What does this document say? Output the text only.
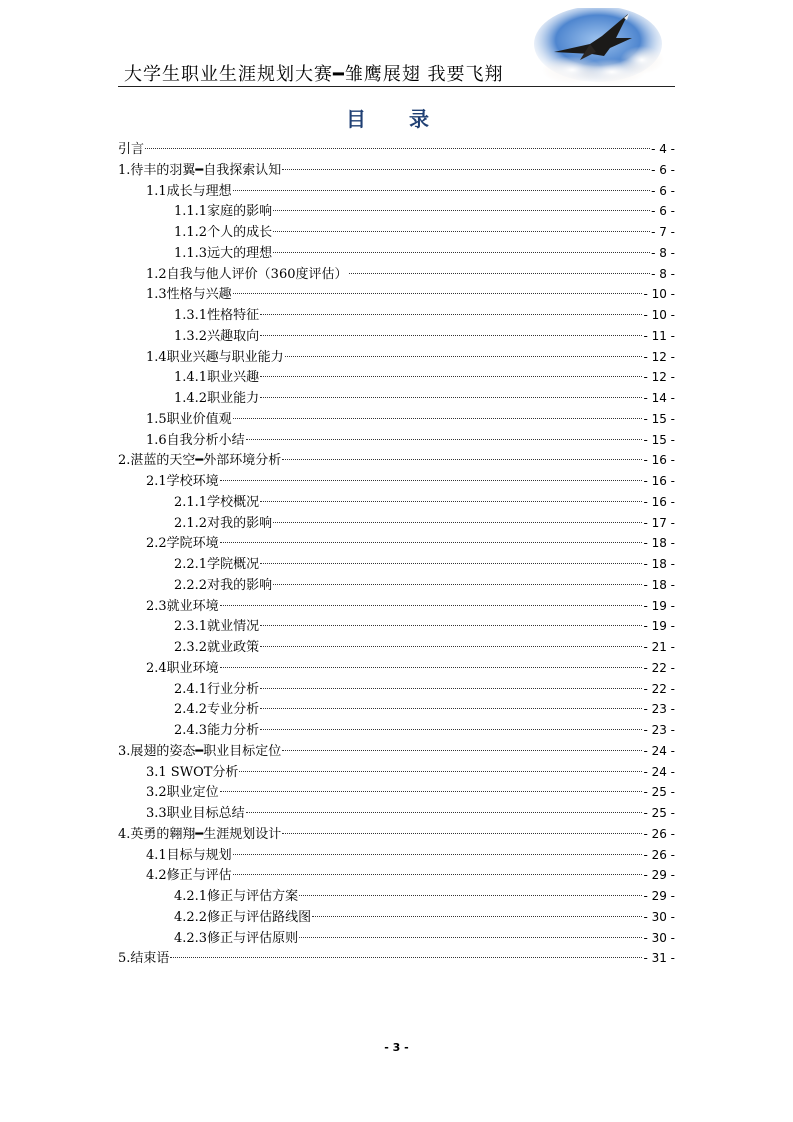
大学生职业生涯规划大赛━雏鹰展翅 我要飞翔
目 录
引言	- 4 -
1.待丰的羽翼━自我探索认知	- 6 -
1.1成长与理想	- 6 -
1.1.1家庭的影响	- 6 -
1.1.2个人的成长	- 7 -
1.1.3远大的理想	- 8 -
1.2自我与他人评价（360度评估）	- 8 -
1.3性格与兴趣	- 10 -
1.3.1性格特征	- 10 -
1.3.2兴趣取向	- 11 -
1.4职业兴趣与职业能力	- 12 -
1.4.1职业兴趣	- 12 -
1.4.2职业能力	- 14 -
1.5职业价值观	- 15 -
1.6自我分析小结	- 15 -
2.湛蓝的天空━外部环境分析	- 16 -
2.1学校环境	- 16 -
2.1.1学校概况	- 16 -
2.1.2对我的影响	- 17 -
2.2学院环境	- 18 -
2.2.1学院概况	- 18 -
2.2.2对我的影响	- 18 -
2.3就业环境	- 19 -
2.3.1就业情况	- 19 -
2.3.2就业政策	- 21 -
2.4职业环境	- 22 -
2.4.1行业分析	- 22 -
2.4.2专业分析	- 23 -
2.4.3能力分析	- 23 -
3.展翅的姿态━职业目标定位	- 24 -
3.1 SWOT分析	- 24 -
3.2职业定位	- 25 -
3.3职业目标总结	- 25 -
4.英勇的翱翔━生涯规划设计	- 26 -
4.1目标与规划	- 26 -
4.2修正与评估	- 29 -
4.2.1修正与评估方案	- 29 -
4.2.2修正与评估路线图	- 30 -
4.2.3修正与评估原则	- 30 -
5.结束语	- 31 -
- 3 -
